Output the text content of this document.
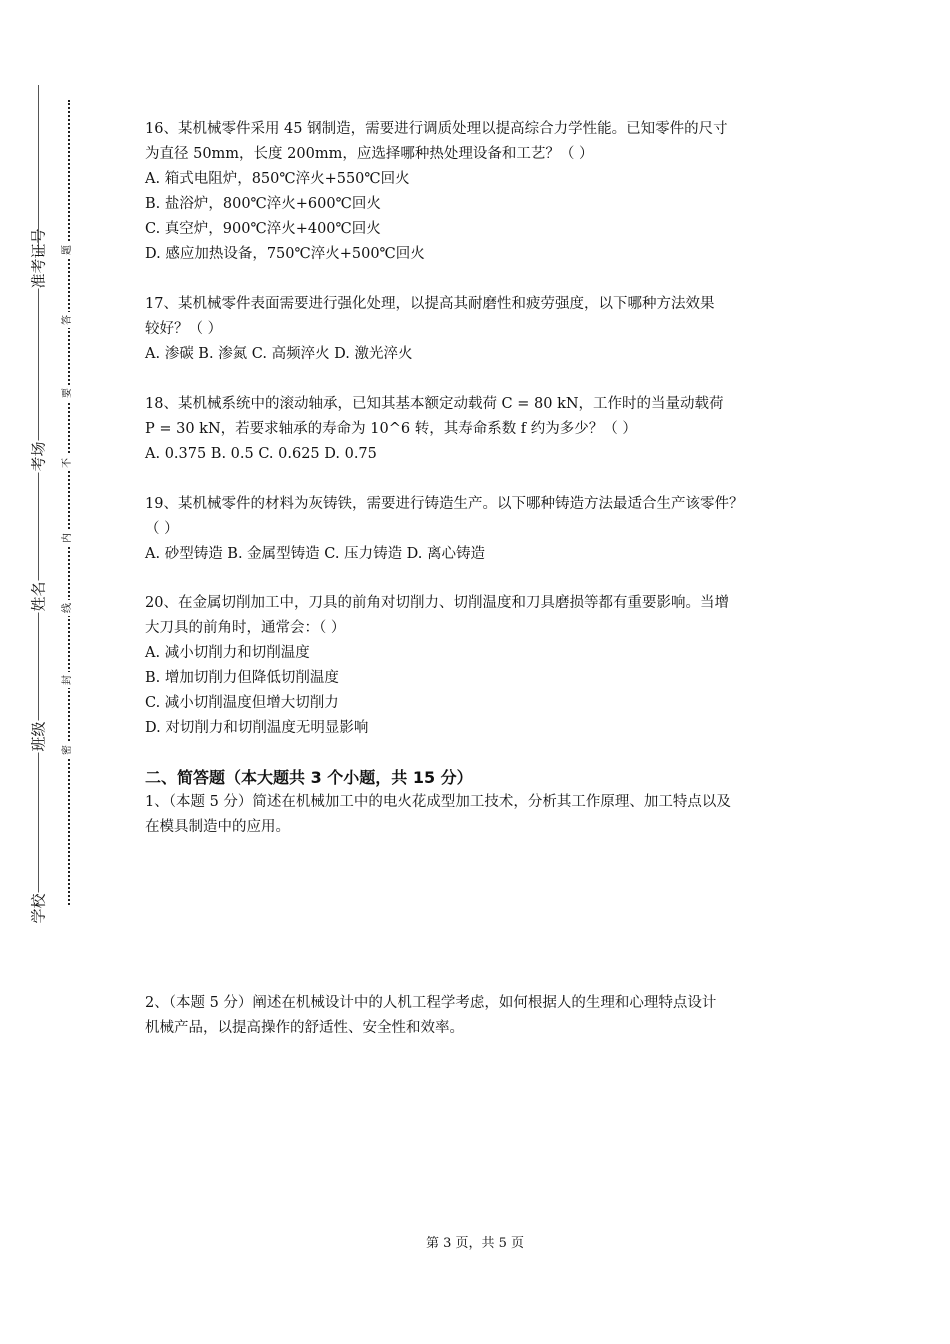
准考证号
考场
姓名
班级
学校
题
答
要
不
内
线
封
密
16、某机械零件采用 45 钢制造，需要进行调质处理以提高综合力学性能。已知零件的尺寸
为直径 50mm，长度 200mm，应选择哪种热处理设备和工艺？（ ）
A. 箱式电阻炉，850℃淬火+550℃回火
B. 盐浴炉，800℃淬火+600℃回火
C. 真空炉，900℃淬火+400℃回火
D. 感应加热设备，750℃淬火+500℃回火
17、某机械零件表面需要进行强化处理，以提高其耐磨性和疲劳强度，以下哪种方法效果
较好？（ ）
A. 渗碳 B. 渗氮 C. 高频淬火 D. 激光淬火
18、某机械系统中的滚动轴承，已知其基本额定动载荷 C = 80 kN，工作时的当量动载荷
P = 30 kN，若要求轴承的寿命为 10^6 转，其寿命系数 f 约为多少？（ ）
A. 0.375 B. 0.5 C. 0.625 D. 0.75
19、某机械零件的材料为灰铸铁，需要进行铸造生产。以下哪种铸造方法最适合生产该零件？
（ ）
A. 砂型铸造 B. 金属型铸造 C. 压力铸造 D. 离心铸造
20、在金属切削加工中，刀具的前角对切削力、切削温度和刀具磨损等都有重要影响。当增
大刀具的前角时，通常会：（ ）
A. 减小切削力和切削温度
B. 增加切削力但降低切削温度
C. 减小切削温度但增大切削力
D. 对切削力和切削温度无明显影响
二、简答题（本大题共 3 个小题，共 15 分）
1、（本题 5 分）简述在机械加工中的电火花成型加工技术，分析其工作原理、加工特点以及
在模具制造中的应用。
2、（本题 5 分）阐述在机械设计中的人机工程学考虑，如何根据人的生理和心理特点设计
机械产品，以提高操作的舒适性、安全性和效率。
第 3 页，共 5 页
